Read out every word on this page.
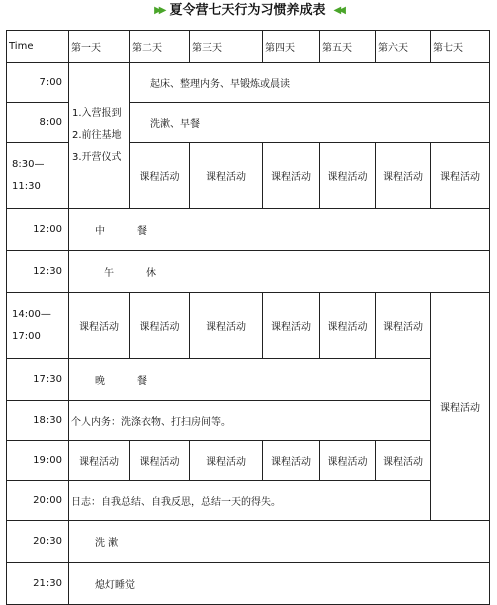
▶▶ 夏令营七天行为习惯养成表 ◀◀
Time	第一天	第二天	第三天	第四天	第五天	第六天	第七天
7:00	1.入营报到 2.前往基地 3.开营仪式	起床、整理内务、早锻炼或晨读					
8:00		洗漱、早餐					
8:30—11:30		课程活动	课程活动	课程活动	课程活动	课程活动	课程活动
12:00	中 餐						
12:30	午 休						
14:00—17:00	课程活动	课程活动	课程活动	课程活动	课程活动	课程活动	课程活动
17:30	晚 餐						
18:30	个人内务：洗涤衣物、打扫房间等。						
19:00	课程活动	课程活动	课程活动	课程活动	课程活动	课程活动	
20:00	日志：自我总结、自我反思，总结一天的得失。						
20:30	洗 漱						
21:30	熄灯睡觉						
